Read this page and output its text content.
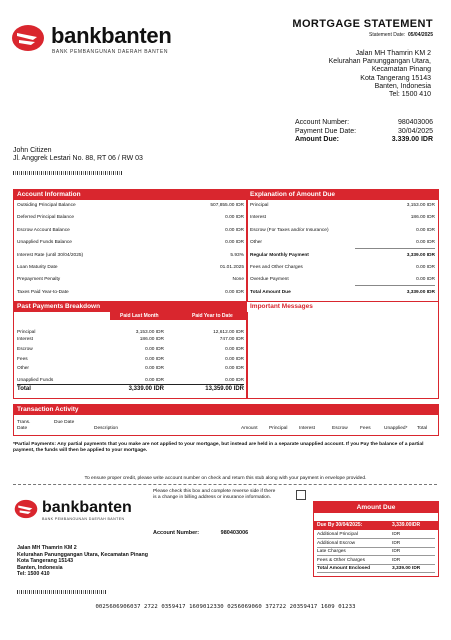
bankbanten
BANK PEMBANGUNAN DAERAH BANTEN
MORTGAGE STATEMENT
Statement Date: 05/04/2025
Jalan MH Thamrin KM 2
Kelurahan Panunggangan Utara,
Kecamatan Pinang
Kota Tangerang 15143
Banten, Indonesia
Tel: 1500 410
Account Number:	980403006
Payment Due Date:	30/04/2025
Amount Due:	3.339.00 IDR
John Citizen
Jl. Anggrek Lestari No. 88, RT 06 / RW 03
Account Information
Outsiding Principal Balance	507,855.00 IDR
Deferred Principal Balance	0.00 IDR
Escrow Account Balance	0.00 IDR
Unapplied Funds Balance	0.00 IDR
Interest Rate (until 30/04/2025)	5.93%
Loan Maturity Date	01.01.2025
Prepayment Penalty	None
Taxes Paid Year-to-Date	0.00 IDR
Explanation of Amount Due
Principal	3,153.00 IDR
Interest	186.00 IDR
Escrow (For Taxes and/or Insurance)	0.00 IDR
Other	0.00 IDR
Regular Monthly Payment	3,339.00 IDR
Fees and Other Charges	0.00 IDR
Overdue Payment	0.00 IDR
Total Amount Due	3,339.00 IDR
Past Payments Breakdown
Paid Last Month	Paid Year to Date
Principal	3,153.00 IDR	12,612.00 IDR
Interest	186.00 IDR	747.00 IDR
Escrow	0.00 IDR	0.00 IDR
Fees	0.00 IDR	0.00 IDR
Other	0.00 IDR	0.00 IDR
Unapplied Funds	0.00 IDR	0.00 IDR
Total	3,339.00 IDR	13,359.00 IDR
Important Messages
Transaction Activity
Trans. Date
Due Date
Description	Amount Principal Interest	Escrow	Fees	Unapplied* Total
*Partial Payments: Any partial payments that you make are not applied to your mortgage, but instead are held in a separate unapplied account. If you Pay the balance of a partial payment, the funds will then be applied to your mortgage.
To ensure proper credit, please write account number on check and return this stub along with your payment in envelope provided.
Please check this box and complete reverse side if there
is a change in billing address or insurance information.
bankbanten
BANK PEMBANGUNAN DAERAH BANTEN
Account Number:	980403006
Jalan MH Thamrin KM 2
Kelurahan Panunggangan Utara, Kecamatan Pinang
Kota Tangerang 15143
Banten, Indonesia
Tel: 1500 410
Amount Due
Due By 30/04/2025:	3,339.00IDR
Additional Principal	IDR
Additional Escrow	IDR
Late Charges	IDR
Fees & Other Charges	IDR
Total Amount Enclosed	3,339.00 IDR
0025606906037 2722 0359417 1609012330 0256069060 372722 20359417 1609 01233
